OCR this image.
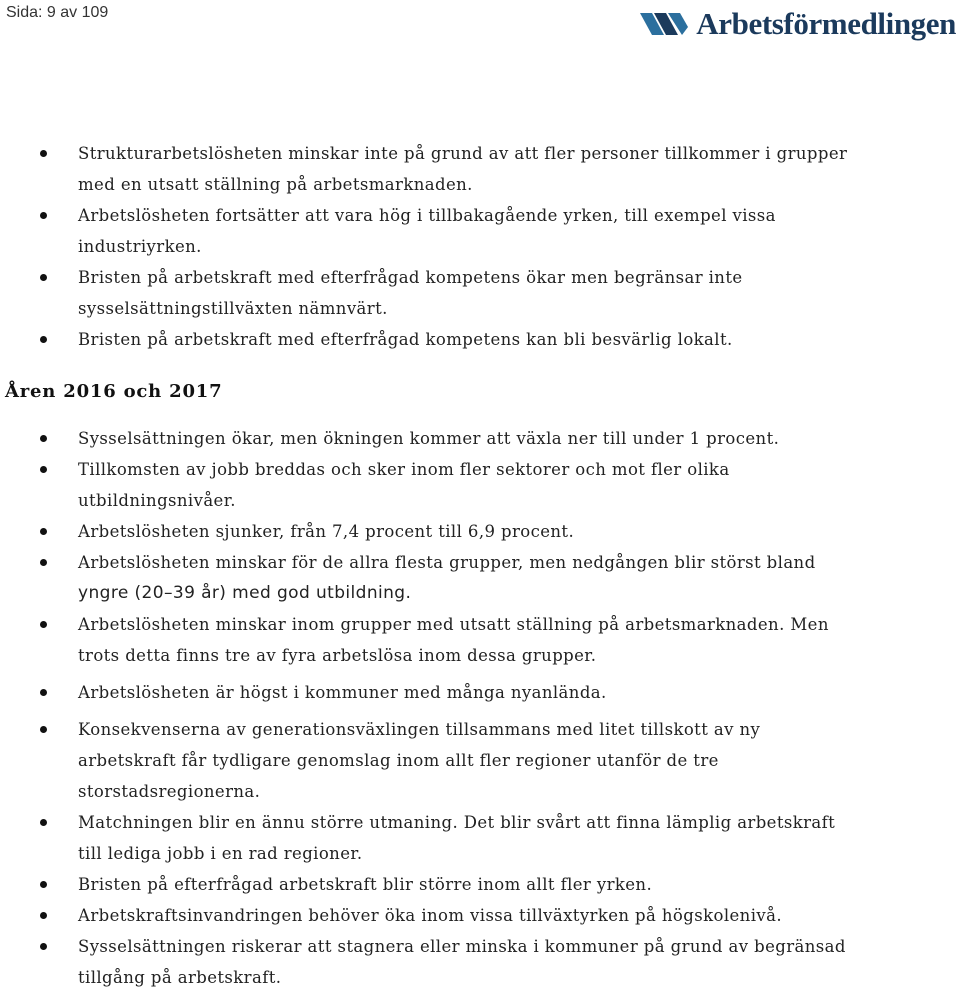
Sida: 9 av 109	Arbetsförmedlingen
Strukturarbetslösheten minskar inte på grund av att fler personer tillkommer i grupper med en utsatt ställning på arbetsmarknaden.
Arbetslösheten fortsätter att vara hög i tillbakagående yrken, till exempel vissa industriyrken.
Bristen på arbetskraft med efterfrågad kompetens ökar men begränsar inte sysselsättningstillväxten nämnvärt.
Bristen på arbetskraft med efterfrågad kompetens kan bli besvärlig lokalt.
Åren 2016 och 2017
Sysselsättningen ökar, men ökningen kommer att växla ner till under 1 procent.
Tillkomsten av jobb breddas och sker inom fler sektorer och mot fler olika utbildningsnivåer.
Arbetslösheten sjunker, från 7,4 procent till 6,9 procent.
Arbetslösheten minskar för de allra flesta grupper, men nedgången blir störst bland
yngre (20–39 år) med god utbildning.
Arbetslösheten minskar inom grupper med utsatt ställning på arbetsmarknaden. Men trots detta finns tre av fyra arbetslösa inom dessa grupper.
Arbetslösheten är högst i kommuner med många nyanlända.
Konsekvenserna av generationsväxlingen tillsammans med litet tillskott av ny arbetskraft får tydligare genomslag inom allt fler regioner utanför de tre storstadsregionerna.
Matchningen blir en ännu större utmaning. Det blir svårt att finna lämplig arbetskraft till lediga jobb i en rad regioner.
Bristen på efterfrågad arbetskraft blir större inom allt fler yrken.
Arbetskraftsinvandringen behöver öka inom vissa tillväxtyrken på högskolenivå.
Sysselsättningen riskerar att stagnera eller minska i kommuner på grund av begränsad tillgång på arbetskraft.
